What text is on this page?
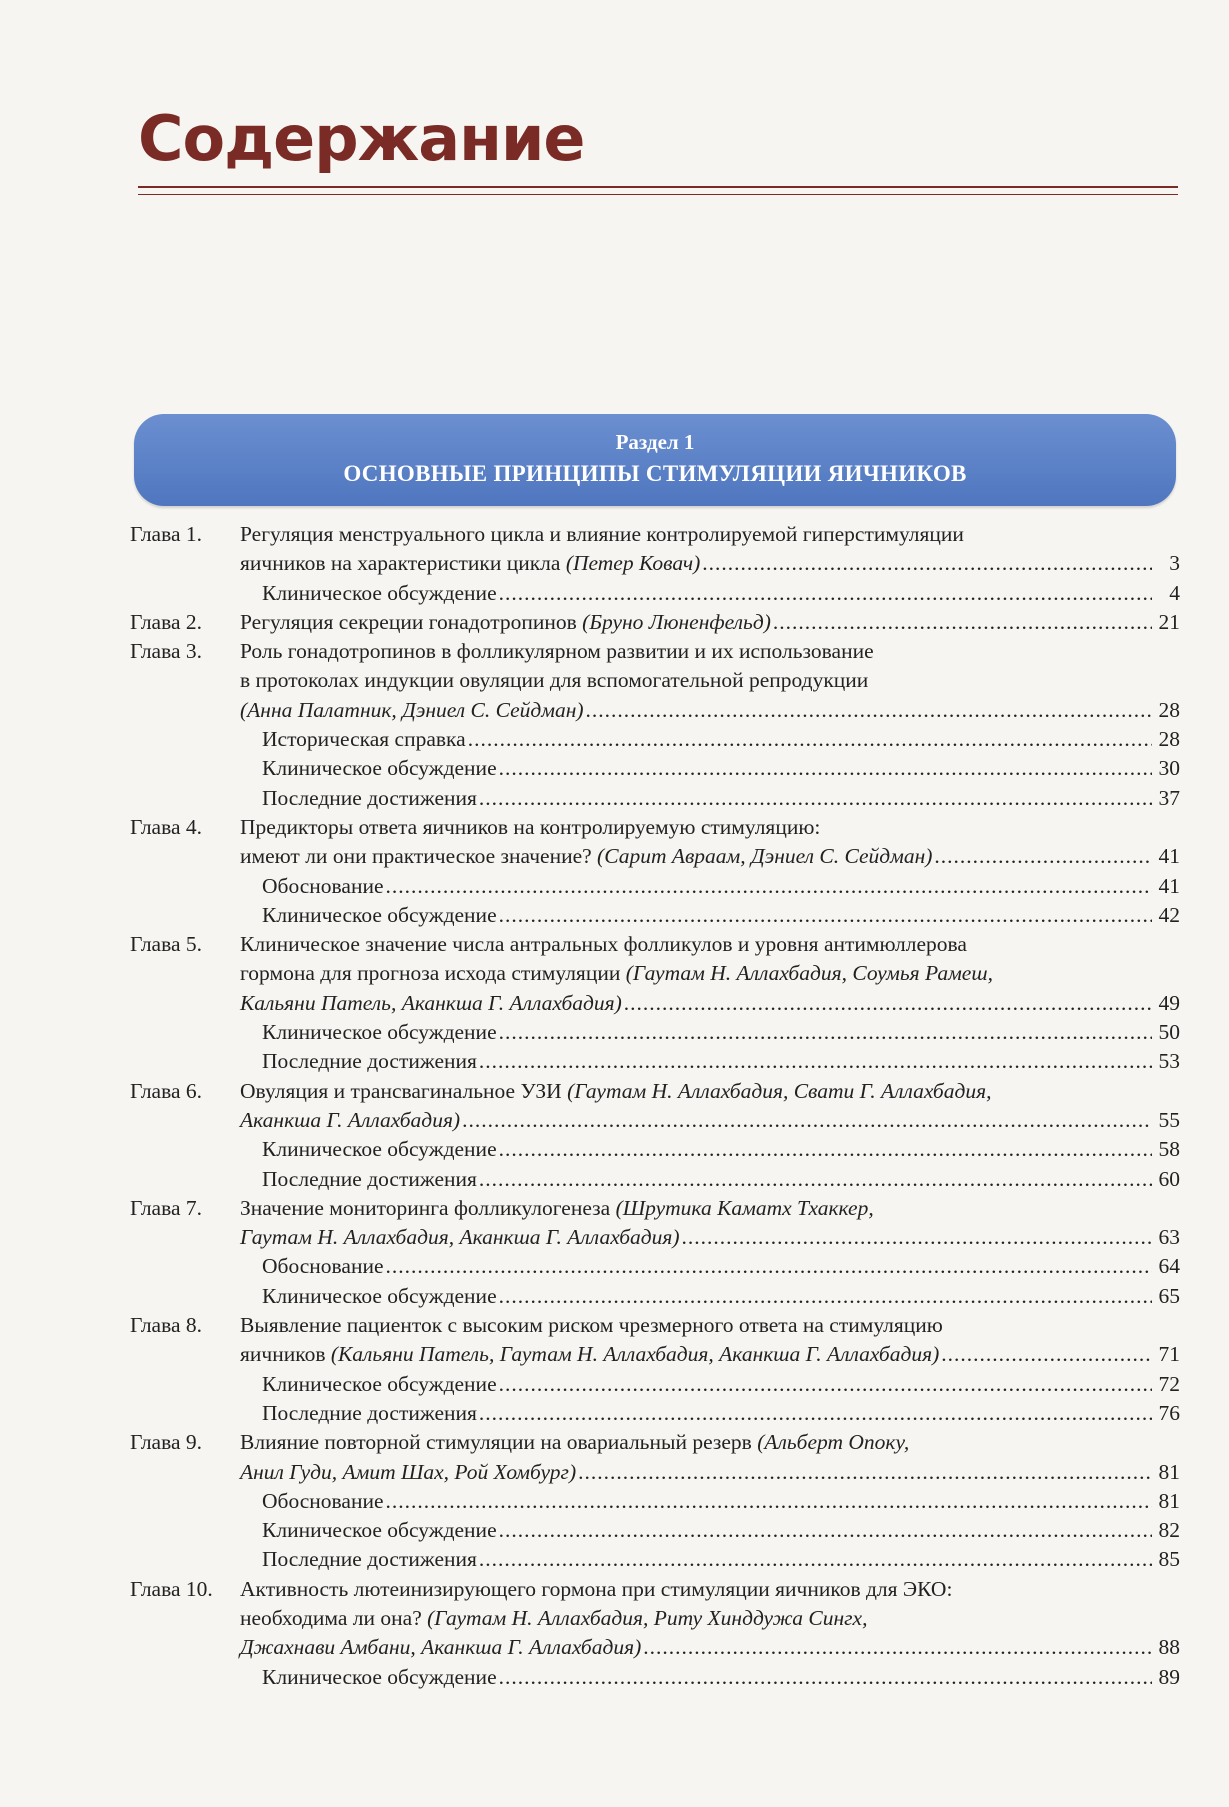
Содержание
Раздел 1
ОСНОВНЫЕ ПРИНЦИПЫ СТИМУЛЯЦИИ ЯИЧНИКОВ
Глава 1.	Регуляция менструального цикла и влияние контролируемой гиперстимуляции
яичников на характеристики цикла (Петер Ковач) .....	3
Клиническое обсуждение .....	4
Глава 2.	Регуляция секреции гонадотропинов (Бруно Люненфельд) .....	21
Глава 3.	Роль гонадотропинов в фолликулярном развитии и их использование
в протоколах индукции овуляции для вспомогательной репродукции
(Анна Палатник, Дэниел С. Сейдман) .....	28
Историческая справка .....	28
Клиническое обсуждение .....	30
Последние достижения .....	37
Глава 4.	Предикторы ответа яичников на контролируемую стимуляцию:
имеют ли они практическое значение? (Сарит Авраам, Дэниел С. Сейдман) .....	41
Обоснование .....	41
Клиническое обсуждение .....	42
Глава 5.	Клиническое значение числа антральных фолликулов и уровня антимюллерова
гормона для прогноза исхода стимуляции (Гаутам Н. Аллахбадия, Соумья Рамеш,
Кальяни Патель, Аканкша Г. Аллахбадия) .....	49
Клиническое обсуждение .....	50
Последние достижения .....	53
Глава 6.	Овуляция и трансвагинальное УЗИ (Гаутам Н. Аллахбадия, Свати Г. Аллахбадия,
Аканкша Г. Аллахбадия) .....	55
Клиническое обсуждение .....	58
Последние достижения .....	60
Глава 7.	Значение мониторинга фолликулогенеза (Шрутика Каматх Тхаккер,
Гаутам Н. Аллахбадия, Аканкша Г. Аллахбадия) .....	63
Обоснование .....	64
Клиническое обсуждение .....	65
Глава 8.	Выявление пациенток с высоким риском чрезмерного ответа на стимуляцию
яичников (Кальяни Патель, Гаутам Н. Аллахбадия, Аканкша Г. Аллахбадия) .....	71
Клиническое обсуждение .....	72
Последние достижения .....	76
Глава 9.	Влияние повторной стимуляции на овариальный резерв (Альберт Опоку,
Анил Гуди, Амит Шах, Рой Хомбург) .....	81
Обоснование .....	81
Клиническое обсуждение .....	82
Последние достижения .....	85
Глава 10.	Активность лютеинизирующего гормона при стимуляции яичников для ЭКО:
необходима ли она? (Гаутам Н. Аллахбадия, Риту Хинддужа Сингх,
Джахнави Амбани, Аканкша Г. Аллахбадия) .....	88
Клиническое обсуждение .....	89
